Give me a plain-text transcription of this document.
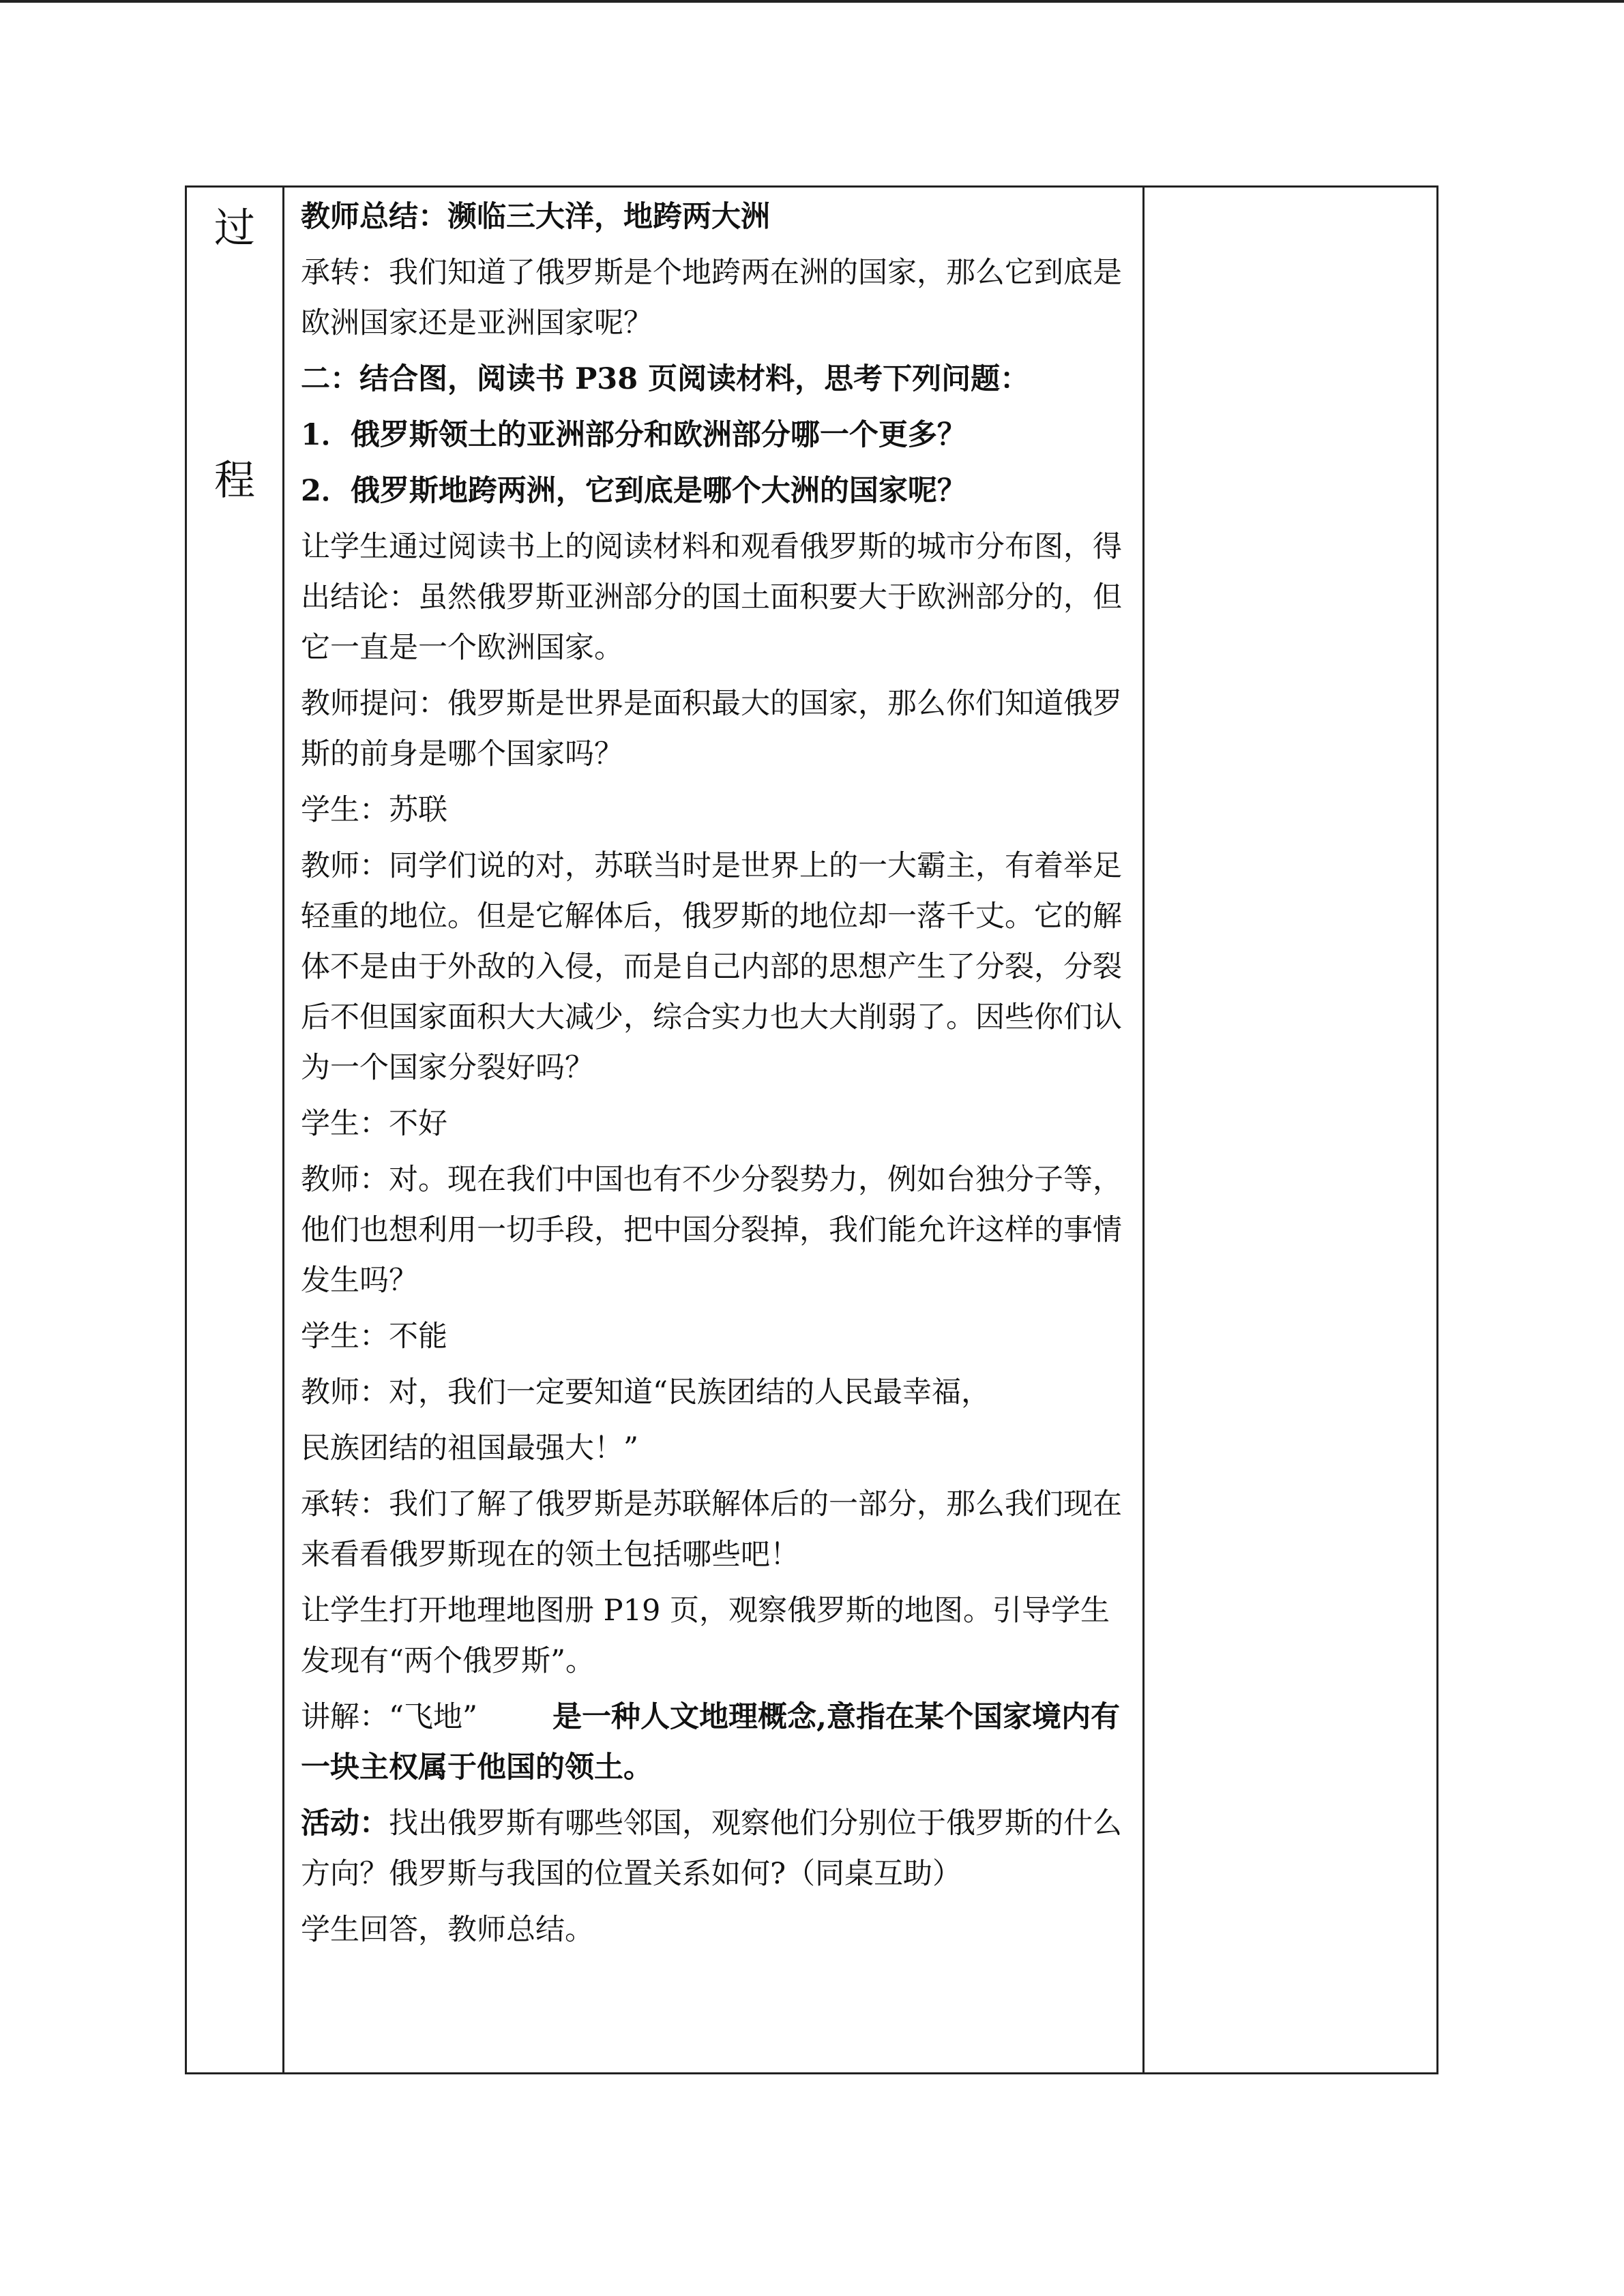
过
程

教师总结：濒临三大洋，地跨两大洲

承转：我们知道了俄罗斯是个地跨两在洲的国家，那么它到底是欧洲国家还是亚洲国家呢？

二：结合图，阅读书 P38 页阅读材料，思考下列问题：

1．俄罗斯领土的亚洲部分和欧洲部分哪一个更多？

2．俄罗斯地跨两洲，它到底是哪个大洲的国家呢？

让学生通过阅读书上的阅读材料和观看俄罗斯的城市分布图，得出结论：虽然俄罗斯亚洲部分的国土面积要大于欧洲部分的，但它一直是一个欧洲国家。

教师提问：俄罗斯是世界是面积最大的国家，那么你们知道俄罗斯的前身是哪个国家吗？

学生：苏联

教师：同学们说的对，苏联当时是世界上的一大霸主，有着举足轻重的地位。但是它解体后，俄罗斯的地位却一落千丈。它的解体不是由于外敌的入侵，而是自己内部的思想产生了分裂，分裂后不但国家面积大大减少，综合实力也大大削弱了。因些你们认为一个国家分裂好吗？

学生：不好

教师：对。现在我们中国也有不少分裂势力，例如台独分子等，他们也想利用一切手段，把中国分裂掉，我们能允许这样的事情发生吗？

学生：不能

教师：对，我们一定要知道“民族团结的人民最幸福，

民族团结的祖国最强大！”

承转：我们了解了俄罗斯是苏联解体后的一部分，那么我们现在来看看俄罗斯现在的领土包括哪些吧！

让学生打开地理地图册 P19 页，观察俄罗斯的地图。引导学生发现有“两个俄罗斯”。

讲解：“飞地”	是一种人文地理概念,意指在某个国家境内有一块主权属于他国的领土。

活动：找出俄罗斯有哪些邻国，观察他们分别位于俄罗斯的什么方向？俄罗斯与我国的位置关系如何?（同桌互助）

学生回答，教师总结。
